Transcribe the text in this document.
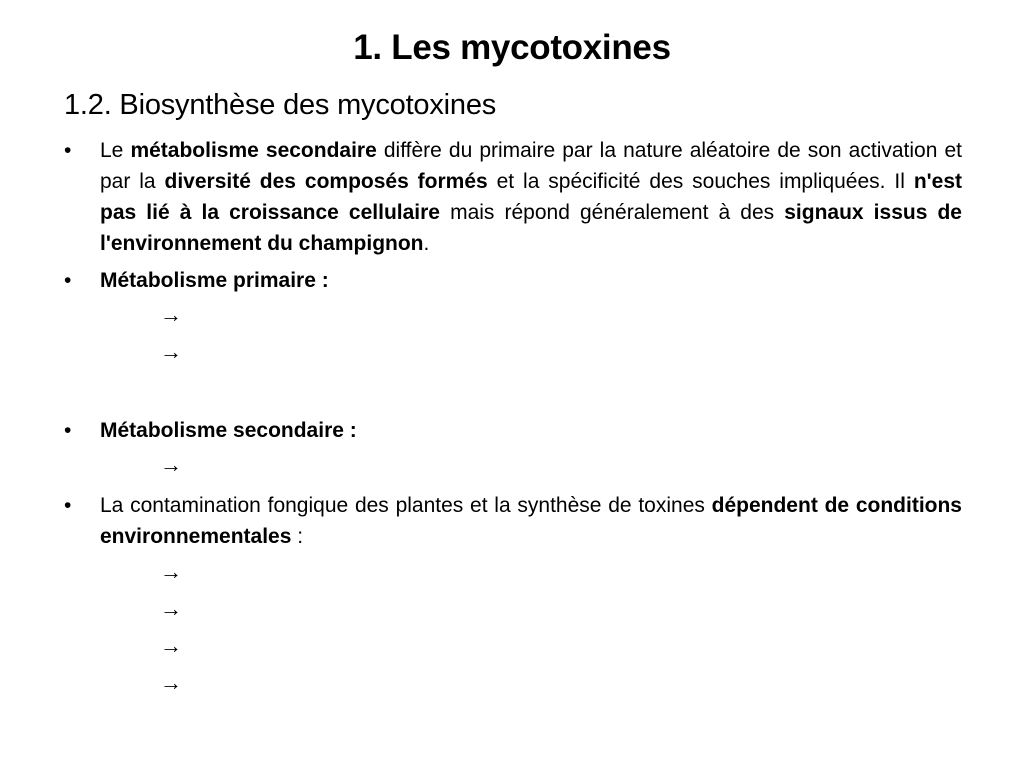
1. Les mycotoxines
1.2. Biosynthèse des mycotoxines
•	Le métabolisme secondaire diffère du primaire par la nature aléatoire de son activation et par la diversité des composés formés et la spécificité des souches impliquées. Il n'est pas lié à la croissance cellulaire mais répond généralement à des signaux issus de l'environnement du champignon.
•	Métabolisme primaire :
→
→
•	Métabolisme secondaire :
→
•	La contamination fongique des plantes et la synthèse de toxines dépendent de conditions environnementales :
→
→
→
→
